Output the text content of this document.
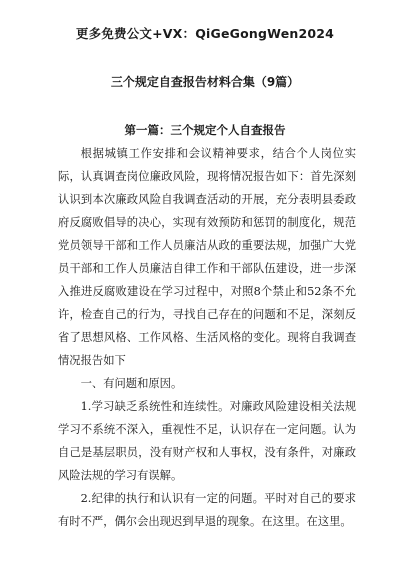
更多免费公文+VX：QiGeGongWen2024
三个规定自查报告材料合集（9篇）
第一篇：三个规定个人自查报告

根据城镇工作安排和会议精神要求，结合个人岗位实际，认真调查岗位廉政风险，现将情况报告如下：首先深刻认识到本次廉政风险自我调查活动的开展，充分表明县委政府反腐败倡导的决心，实现有效预防和惩罚的制度化，规范党员领导干部和工作人员廉洁从政的重要法规，加强广大党员干部和工作人员廉洁自律工作和干部队伍建设，进一步深入推进反腐败建设在学习过程中，对照8个禁止和52条不允许，检查自己的行为，寻找自己存在的问题和不足，深刻反省了思想风格、工作风格、生活风格的变化。现将自我调查情况报告如下

一、有问题和原因。

1.学习缺乏系统性和连续性。对廉政风险建设相关法规学习不系统不深入，重视性不足，认识存在一定问题。认为自己是基层职员，没有财产权和人事权，没有条件，对廉政风险法规的学习有误解。

2.纪律的执行和认识有一定的问题。平时对自己的要求有时不严，偶尔会出现迟到早退的现象。在这里。在这里。
